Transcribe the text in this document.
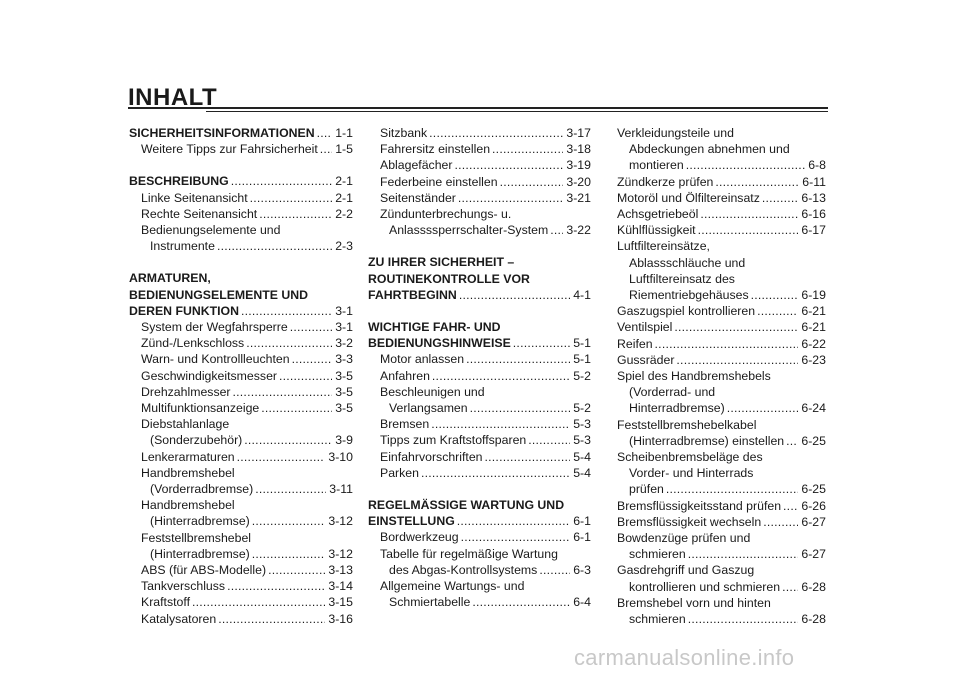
INHALT
SICHERHEITSINFORMATIONEN . . . 1-1
Weitere Tipps zur Fahrsicherheit . . . 1-5
BESCHREIBUNG . . .	2-1
Linke Seitenansicht . . .	2-1
Rechte Seitenansicht . . .	2-2
Bedienungselemente und
Instrumente . . .	2-3
ARMATUREN,
BEDIENUNGSELEMENTE UND
DEREN FUNKTION . . .	3-1
System der Wegfahrsperre . . .	3-1
Zünd-/Lenkschloss . . .	3-2
Warn- und Kontrollleuchten . . .	3-3
Geschwindigkeitsmesser . . .	3-5
Drehzahlmesser . . .	3-5
Multifunktionsanzeige . . .	3-5
Diebstahlanlage
(Sonderzubehör) . . .	3-9
Lenkerarmaturen . . .	3-10
Handbremshebel
(Vorderradbremse) . . .	3-11
Handbremshebel
(Hinterradbremse) . . .	3-12
Feststellbremshebel
(Hinterradbremse) . . .	3-12
ABS (für ABS-Modelle) . . .	3-13
Tankverschluss . . .	3-14
Kraftstoff . . .	3-15
Katalysatoren . . .	3-16
Sitzbank . . .	3-17
Fahrersitz einstellen . . .	3-18
Ablagefächer . . .	3-19
Federbeine einstellen . . .	3-20
Seitenständer . . .	3-21
Zündunterbrechungs- u.
Anlassssperrschalter-System . . . 3-22
ZU IHRER SICHERHEIT –
ROUTINEKONTROLLE VOR
FAHRTBEGINN . . .	4-1
WICHTIGE FAHR- UND
BEDIENUNGSHINWEISE . . .	5-1
Motor anlassen . . .	5-1
Anfahren . . .	5-2
Beschleunigen und
Verlangsamen . . .	5-2
Bremsen . . .	5-3
Tipps zum Kraftstoffsparen . . .	5-3
Einfahrvorschriften . . .	5-4
Parken . . .	5-4
REGELMÄSSIGE WARTUNG UND
EINSTELLUNG . . .	6-1
Bordwerkzeug . . .	6-1
Tabelle für regelmäßige Wartung
des Abgas-Kontrollsystems . . .	6-3
Allgemeine Wartungs- und
Schmiertabelle . . .	6-4
Verkleidungsteile und
Abdeckungen abnehmen und
montieren . . .	6-8
Zündkerze prüfen . . .	6-11
Motoröl und Ölfiltereinsatz . . .	6-13
Achsgetriebeöl . . .	6-16
Kühlflüssigkeit . . .	6-17
Luftfiltereinsätze,
Ablassschläuche und
Luftfiltereinsatz des
Riementriebgehäuses . . .	6-19
Gaszugspiel kontrollieren . . .	6-21
Ventilspiel . . .	6-21
Reifen . . .	6-22
Gussräder . . .	6-23
Spiel des Handbremshebels
(Vorderrad- und
Hinterradbremse) . . .	6-24
Feststellbremshebelkabel
(Hinterradbremse) einstellen . . . 6-25
Scheibenbremsbeläge des
Vorder- und Hinterrads
prüfen . . .	6-25
Bremsflüssigkeitsstand prüfen . . . 6-26
Bremsflüssigkeit wechseln . . .	6-27
Bowdenzüge prüfen und
schmieren . . .	6-27
Gasdrehgriff und Gaszug
kontrollieren und schmieren . . . 6-28
Bremshebel vorn und hinten
schmieren . . .	6-28
carmanualsonline.info
